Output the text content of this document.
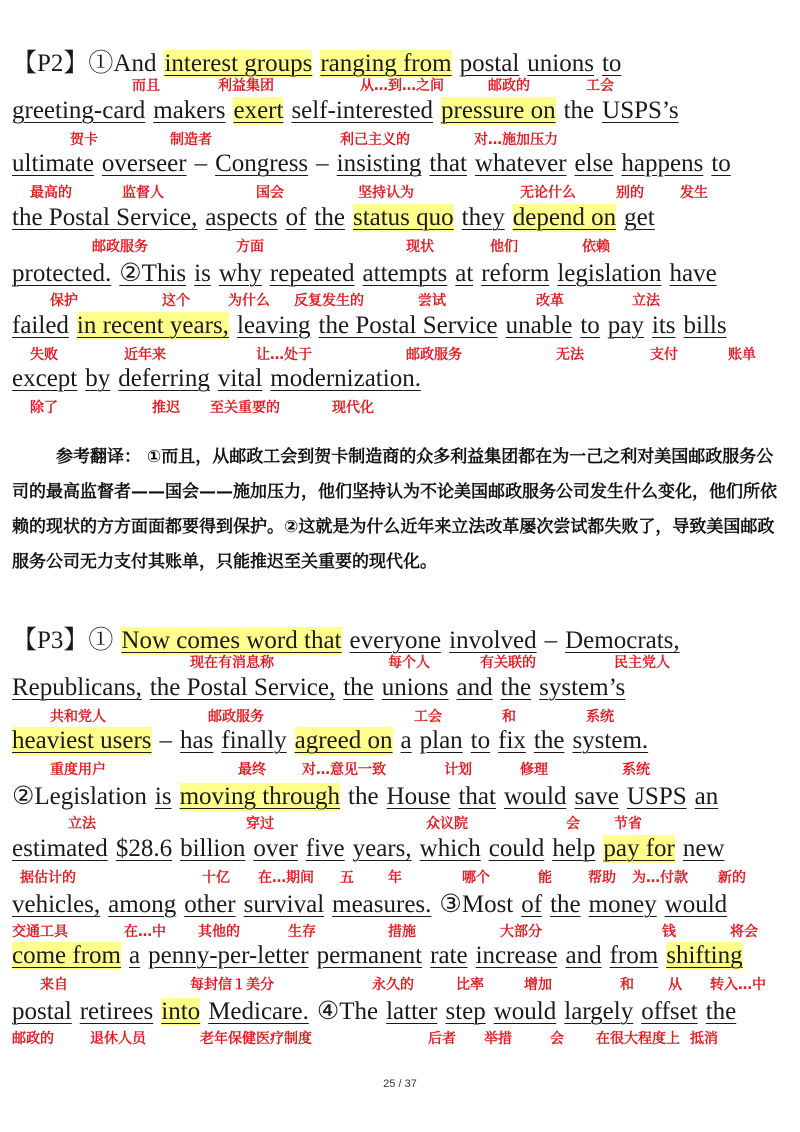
【P2】①And interest groups ranging from postal unions to
而且	利益集团	从…到…之间	邮政的	工会
greeting-card makers exert self-interested pressure on the USPS’s
贺卡	制造者	利己主义的	对…施加压力
ultimate overseer – Congress – insisting that whatever else happens to
最高的	监督人	国会	坚持认为	无论什么	别的	发生
the Postal Service, aspects of the status quo they depend on get
邮政服务	方面	现状	他们	依赖
protected. ②This is why repeated attempts at reform legislation have
保护	这个	为什么 反复发生的	尝试	改革	立法
failed in recent years, leaving the Postal Service unable to pay its bills
失败	近年来	让…处于	邮政服务	无法	支付	账单
except by deferring vital modernization.
除了	推迟 至关重要的	现代化
参考翻译： ①而且，从邮政工会到贺卡制造商的众多利益集团都在为一己之利对美国邮政服务公司的最高监督者——国会——施加压力，他们坚持认为不论美国邮政服务公司发生什么变化，他们所依赖的现状的方方面面都要得到保护。②这就是为什么近年来立法改革屡次尝试都失败了，导致美国邮政服务公司无力支付其账单，只能推迟至关重要的现代化。
【P3】① Now comes word that everyone involved – Democrats,
现在有消息称	每个人	有关联的	民主党人
Republicans, the Postal Service, the unions and the system’s
共和党人	邮政服务	工会	和	系统
heaviest users – has finally agreed on a plan to fix the system.
重度用户	最终	对…意见一致	计划	修理	系统
②Legislation is moving through the House that would save USPS an
立法	穿过	众议院	会 节省
estimated $28.6 billion over five years, which could help pay for new
据估计的	十亿 在…期间 五 年	哪个	能	帮助 为…付款 新的
vehicles, among other survival measures. ③Most of the money would
交通工具	在…中 其他的	生存	措施	大部分	钱	将会
come from a penny-per-letter permanent rate increase and from shifting
来自	每封信１美分	永久的	比率	增加	和 从 转入…中
postal retirees into Medicare. ④The latter step would largely offset the
邮政的	退休人员	老年保健医疗制度	后者 举措	会 在很大程度上 抵消
25 / 37
